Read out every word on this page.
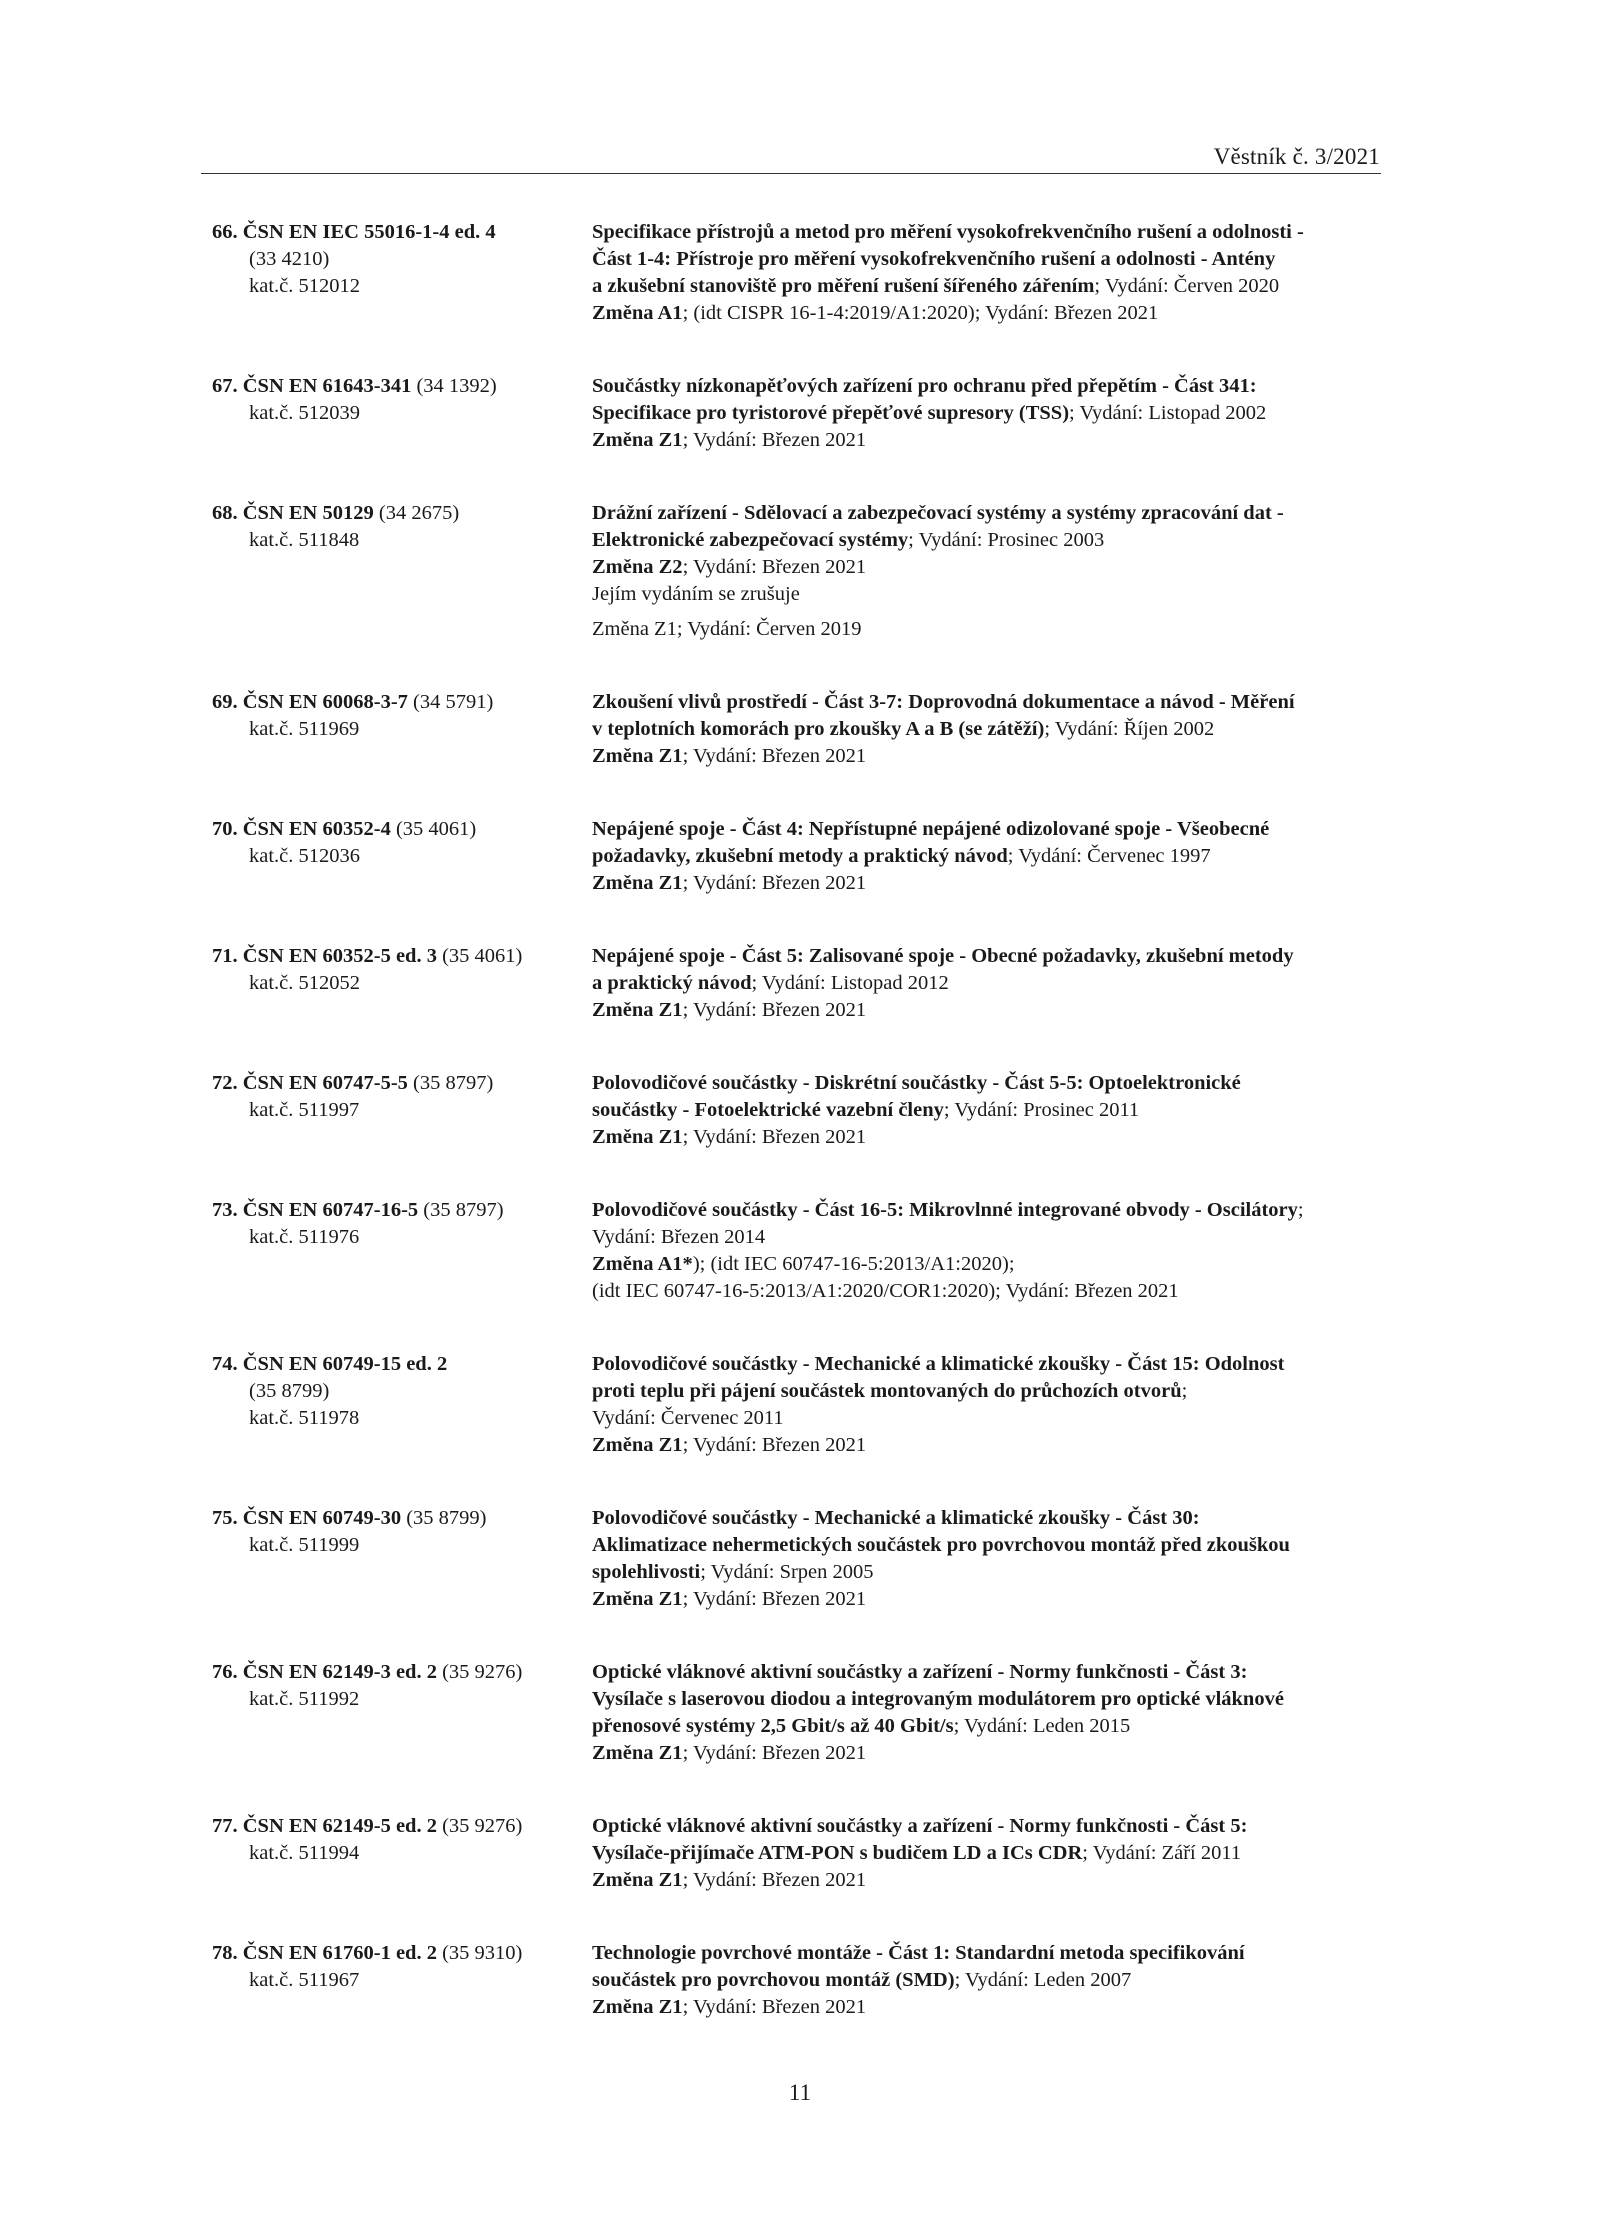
Věstník č. 3/2021
66. ČSN EN IEC 55016-1-4 ed. 4
(33 4210)
kat.č. 512012
Specifikace přístrojů a metod pro měření vysokofrekvenčního rušení a odolnosti -
Část 1-4: Přístroje pro měření vysokofrekvenčního rušení a odolnosti - Antény
a zkušební stanoviště pro měření rušení šířeného zářením; Vydání: Červen 2020
Změna A1; (idt CISPR 16-1-4:2019/A1:2020); Vydání: Březen 2021
67. ČSN EN 61643-341 (34 1392)
kat.č. 512039
Součástky nízkonapěťových zařízení pro ochranu před přepětím - Část 341:
Specifikace pro tyristorové přepěťové supresory (TSS); Vydání: Listopad 2002
Změna Z1; Vydání: Březen 2021
68. ČSN EN 50129 (34 2675)
kat.č. 511848
Drážní zařízení - Sdělovací a zabezpečovací systémy a systémy zpracování dat -
Elektronické zabezpečovací systémy; Vydání: Prosinec 2003
Změna Z2; Vydání: Březen 2021
Jejím vydáním se zrušuje
Změna Z1; Vydání: Červen 2019
69. ČSN EN 60068-3-7 (34 5791)
kat.č. 511969
Zkoušení vlivů prostředí - Část 3-7: Doprovodná dokumentace a návod - Měření
v teplotních komorách pro zkoušky A a B (se zátěží); Vydání: Říjen 2002
Změna Z1; Vydání: Březen 2021
70. ČSN EN 60352-4 (35 4061)
kat.č. 512036
Nepájené spoje - Část 4: Nepřístupné nepájené odizolované spoje - Všeobecné
požadavky, zkušební metody a praktický návod; Vydání: Červenec 1997
Změna Z1; Vydání: Březen 2021
71. ČSN EN 60352-5 ed. 3 (35 4061)
kat.č. 512052
Nepájené spoje - Část 5: Zalisované spoje - Obecné požadavky, zkušební metody
a praktický návod; Vydání: Listopad 2012
Změna Z1; Vydání: Březen 2021
72. ČSN EN 60747-5-5 (35 8797)
kat.č. 511997
Polovodičové součástky - Diskrétní součástky - Část 5-5: Optoelektronické
součástky - Fotoelektrické vazební členy; Vydání: Prosinec 2011
Změna Z1; Vydání: Březen 2021
73. ČSN EN 60747-16-5 (35 8797)
kat.č. 511976
Polovodičové součástky - Část 16-5: Mikrovlnné integrované obvody - Oscilátory;
Vydání: Březen 2014
Změna A1*); (idt IEC 60747-16-5:2013/A1:2020);
(idt IEC 60747-16-5:2013/A1:2020/COR1:2020); Vydání: Březen 2021
74. ČSN EN 60749-15 ed. 2
(35 8799)
kat.č. 511978
Polovodičové součástky - Mechanické a klimatické zkoušky - Část 15: Odolnost
proti teplu při pájení součástek montovaných do průchozích otvorů;
Vydání: Červenec 2011
Změna Z1; Vydání: Březen 2021
75. ČSN EN 60749-30 (35 8799)
kat.č. 511999
Polovodičové součástky - Mechanické a klimatické zkoušky - Část 30:
Aklimatizace nehermetických součástek pro povrchovou montáž před zkouškou
spolehlivosti; Vydání: Srpen 2005
Změna Z1; Vydání: Březen 2021
76. ČSN EN 62149-3 ed. 2 (35 9276)
kat.č. 511992
Optické vláknové aktivní součástky a zařízení - Normy funkčnosti - Část 3:
Vysílače s laserovou diodou a integrovaným modulátorem pro optické vláknové
přenosové systémy 2,5 Gbit/s až 40 Gbit/s; Vydání: Leden 2015
Změna Z1; Vydání: Březen 2021
77. ČSN EN 62149-5 ed. 2 (35 9276)
kat.č. 511994
Optické vláknové aktivní součástky a zařízení - Normy funkčnosti - Část 5:
Vysílače-přijímače ATM-PON s budičem LD a ICs CDR; Vydání: Září 2011
Změna Z1; Vydání: Březen 2021
78. ČSN EN 61760-1 ed. 2 (35 9310)
kat.č. 511967
Technologie povrchové montáže - Část 1: Standardní metoda specifikování
součástek pro povrchovou montáž (SMD); Vydání: Leden 2007
Změna Z1; Vydání: Březen 2021
11
